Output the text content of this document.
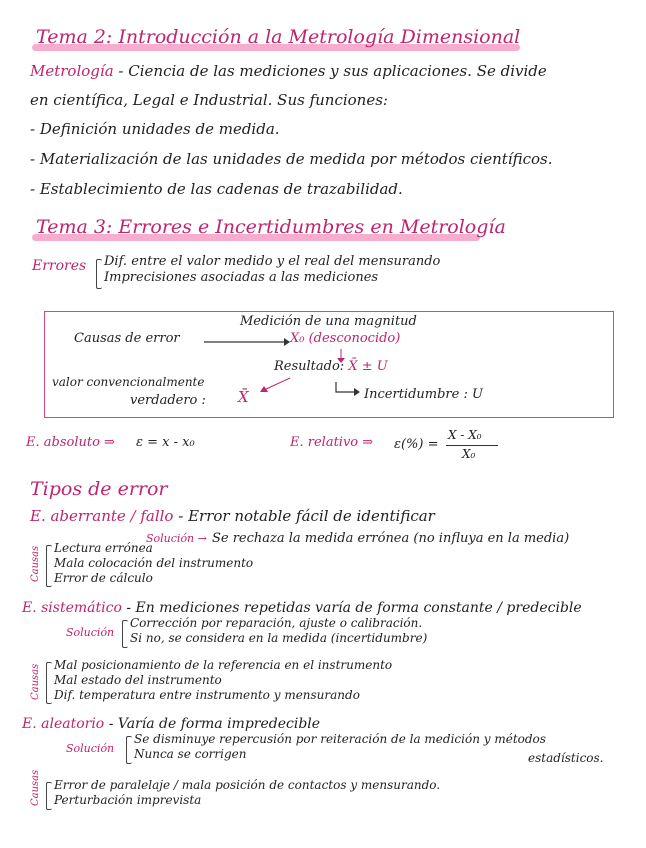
Tema 2: Introducción a la Metrología Dimensional
Metrología - Ciencia de las mediciones y sus aplicaciones. Se divide
en científica, Legal e Industrial. Sus funciones:
- Definición unidades de medida.
- Materialización de las unidades de medida por métodos científicos.
- Establecimiento de las cadenas de trazabilidad.
Tema 3: Errores e Incertidumbres en Metrología
Errores Dif. entre el valor medido y el real del mensurando
Imprecisiones asociadas a las mediciones
Medición de una magnitud
Causas de error	X₀ (desconocido)
Resultado: X̄ ± U
valor convencionalmente
verdadero : X̄	Incertidumbre : U
E. absoluto ⇒ ε = x - x₀	E. relativo ⇒ ε(%) =
X - X₀
X₀
Tipos de error
E. aberrante / fallo - Error notable fácil de identificar
Solución → Se rechaza la medida errónea (no influya en la media)
Causas Lectura errónea
Mala colocación del instrumento
Error de cálculo
E. sistemático - En mediciones repetidas varía de forma constante / predecible
Solución
Corrección por reparación, ajuste o calibración.
Si no, se considera en la medida (incertidumbre)
Causas Mal posicionamiento de la referencia en el instrumento
Mal estado del instrumento
Dif. temperatura entre instrumento y mensurando
E. aleatorio - Varía de forma impredecible
Solución
Se disminuye repercusión por reiteración de la medición y métodos
Nunca se corrigen	estadísticos.
Causas Error de paralelaje / mala posición de contactos y mensurando.
Perturbación imprevista
